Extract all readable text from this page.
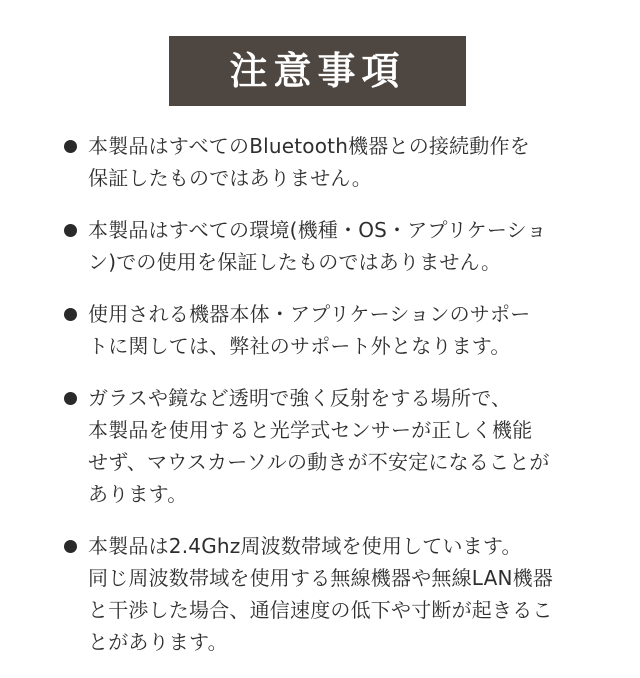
注意事項
本製品はすべてのBluetooth機器との接続動作を
保証したものではありません。
本製品はすべての環境(機種・OS・アプリケーショ
ン)での使用を保証したものではありません。
使用される機器本体・アプリケーションのサポー
トに関しては、弊社のサポート外となります。
ガラスや鏡など透明で強く反射をする場所で、
本製品を使用すると光学式センサーが正しく機能
せず、マウスカーソルの動きが不安定になることが
あります。
本製品は2.4Ghz周波数帯域を使用しています。
同じ周波数帯域を使用する無線機器や無線LAN機器
と干渉した場合、通信速度の低下や寸断が起きるこ
とがあります。
